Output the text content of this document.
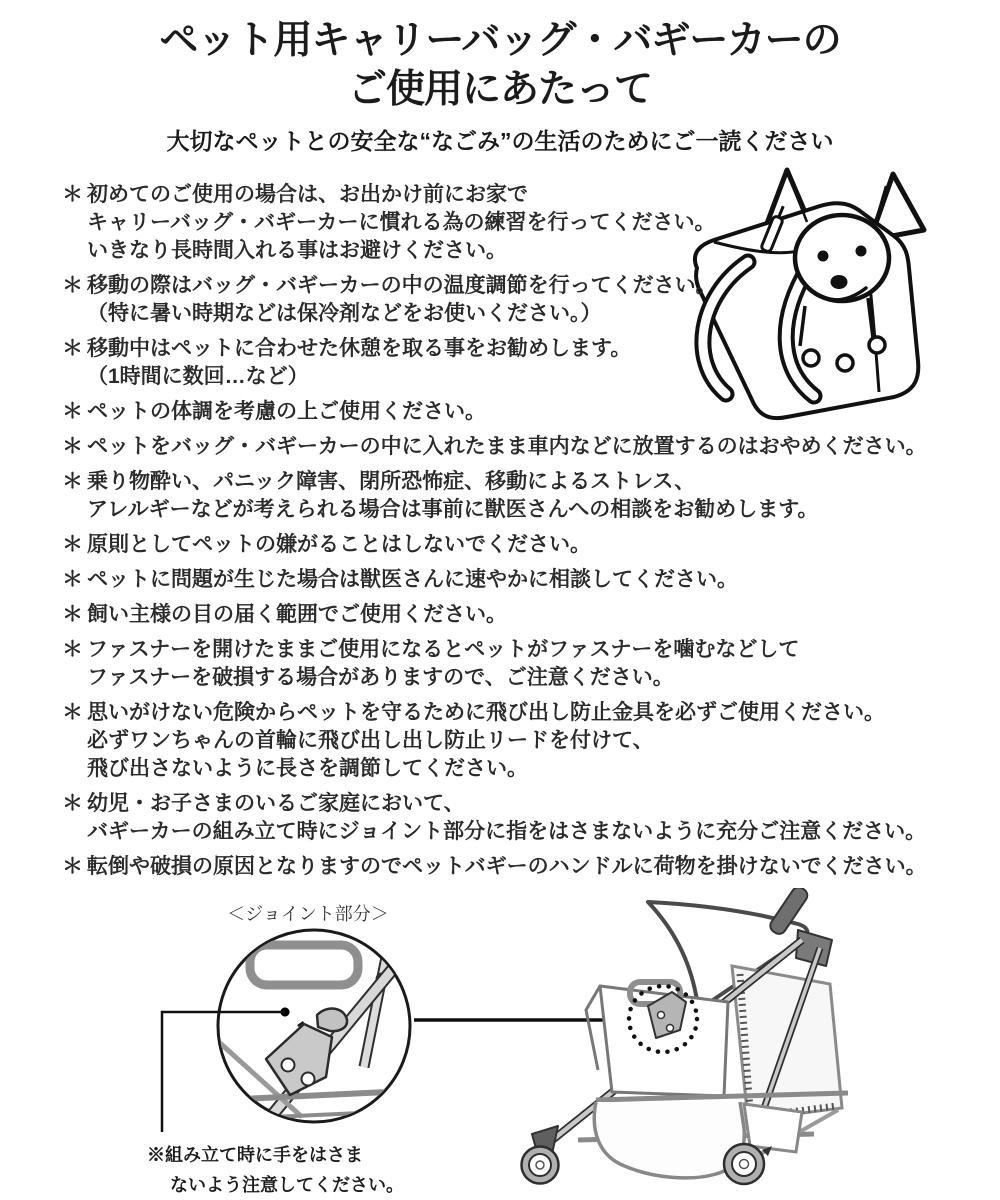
ペット用キャリーバッグ・バギーカーの
ご使用にあたって
大切なペットとの安全な“なごみ”の生活のためにご一読ください
＊ 初めてのご使用の場合は、お出かけ前にお家で
キャリーバッグ・バギーカーに慣れる為の練習を行ってください。
いきなり長時間入れる事はお避けください。
＊ 移動の際はバッグ・バギーカーの中の温度調節を行ってください。
（特に暑い時期などは保冷剤などをお使いください。）
＊ 移動中はペットに合わせた休憩を取る事をお勧めします。
（1時間に数回…など）
＊ ペットの体調を考慮の上ご使用ください。
＊ ペットをバッグ・バギーカーの中に入れたまま車内などに放置するのはおやめください。
＊ 乗り物酔い、パニック障害、閉所恐怖症、移動によるストレス、
アレルギーなどが考えられる場合は事前に獣医さんへの相談をお勧めします。
＊ 原則としてペットの嫌がることはしないでください。
＊ ペットに問題が生じた場合は獣医さんに速やかに相談してください。
＊ 飼い主様の目の届く範囲でご使用ください。
＊ ファスナーを開けたままご使用になるとペットがファスナーを噛むなどして
ファスナーを破損する場合がありますので、ご注意ください。
＊ 思いがけない危険からペットを守るために飛び出し防止金具を必ずご使用ください。
必ずワンちゃんの首輪に飛び出し出し防止リードを付けて、
飛び出さないように長さを調節してください。
＊ 幼児・お子さまのいるご家庭において、
バギーカーの組み立て時にジョイント部分に指をはさまないように充分ご注意ください。
＊ 転倒や破損の原因となりますのでペットバギーのハンドルに荷物を掛けないでください。
＜ジョイント部分＞
※組み立て時に手をはさま
ないよう注意してください。
